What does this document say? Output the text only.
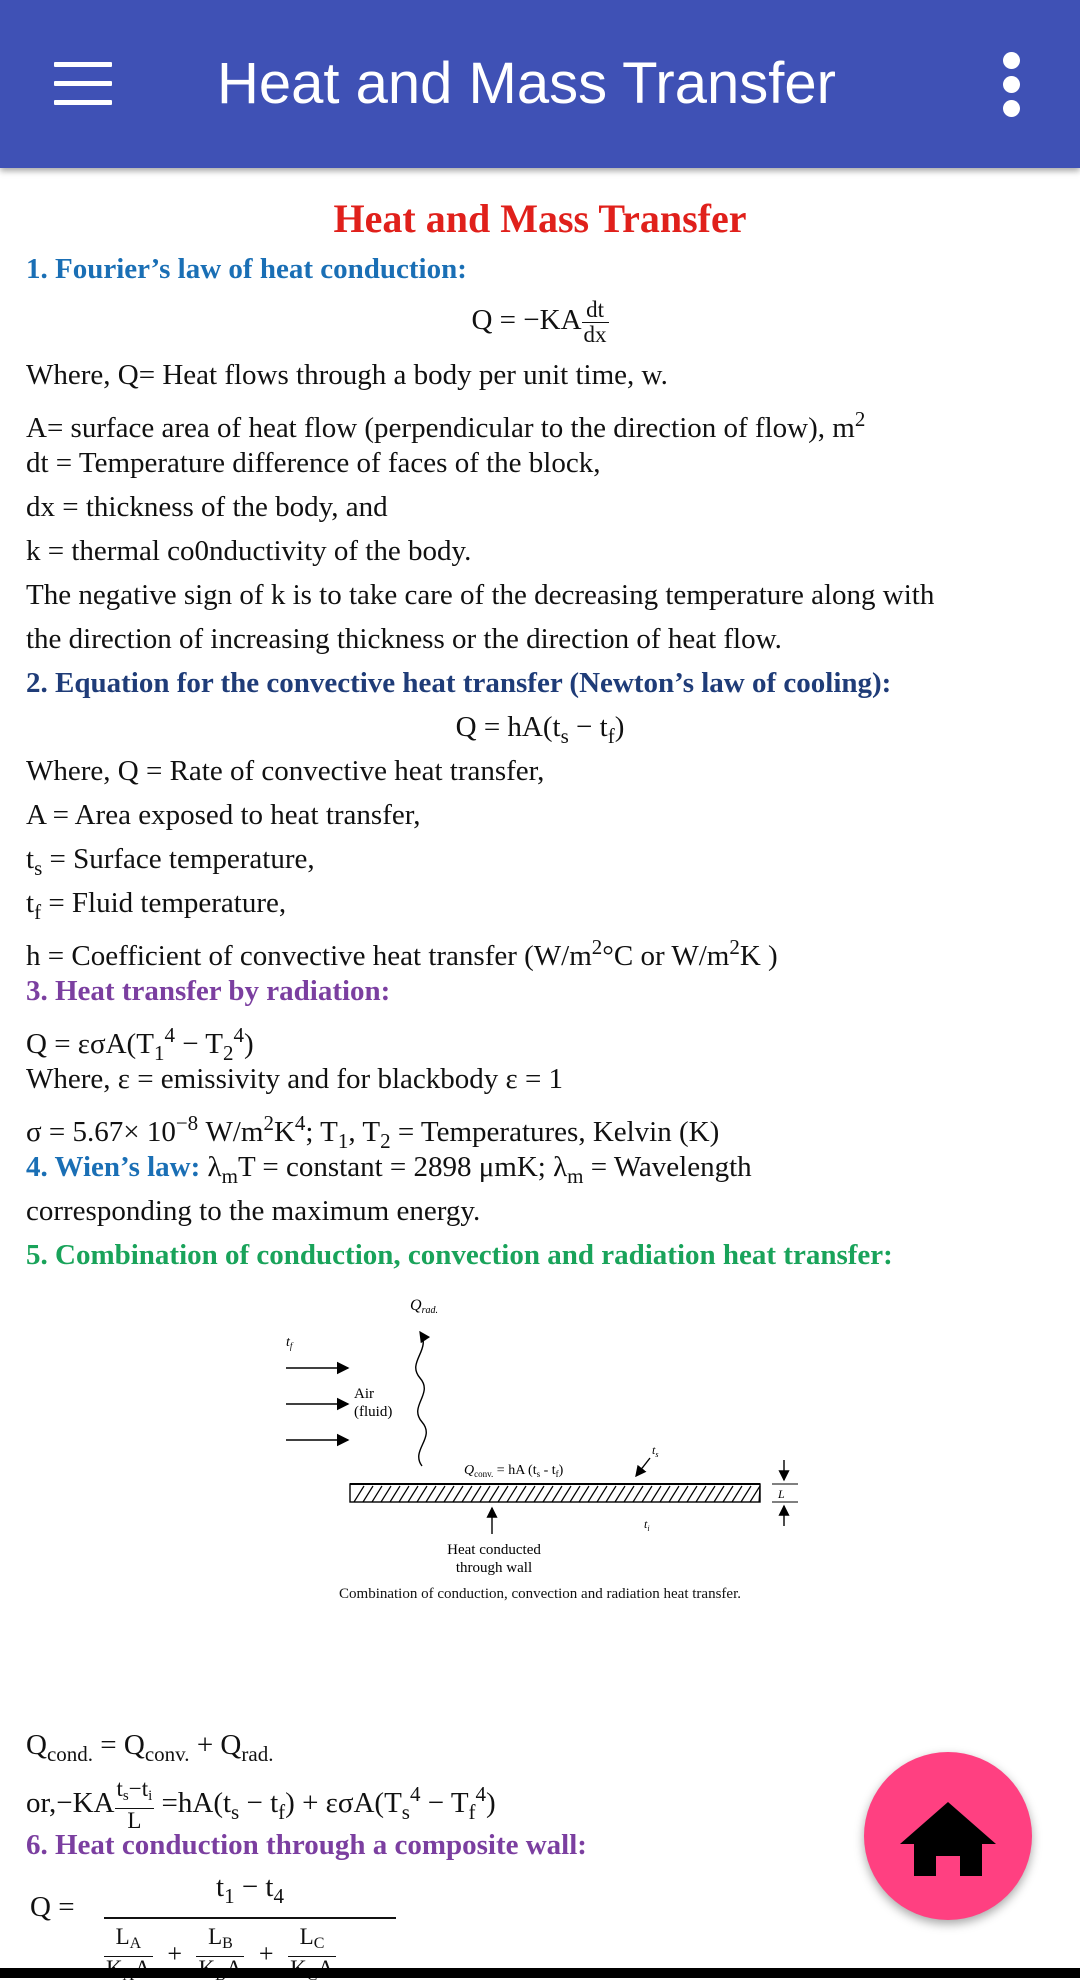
Heat and Mass Transfer
Heat and Mass Transfer
1. Fourier’s law of heat conduction:
$Q = -KA \frac{dt}{dx}$
Where, Q= Heat flows through a body per unit time, w.
A= surface area of heat flow (perpendicular to the direction of flow), $m^2$
dt = Temperature difference of faces of the block,
dx = thickness of the body, and
k = thermal co0nductivity of the body.
The negative sign of k is to take care of the decreasing temperature along with
the direction of increasing thickness or the direction of heat flow.
2. Equation for the convective heat transfer (Newton’s law of cooling):
$Q = hA(t_s - t_f)$
Where, Q = Rate of convective heat transfer,
A = Area exposed to heat transfer,
$t_s$ = Surface temperature,
$t_f$ = Fluid temperature,
h = Coefficient of convective heat transfer ($W/m^2^\circ C$ or $W/m^2K$ )
3. Heat transfer by radiation:
$Q = \varepsilon\sigma A(T_1^4 - T_2^4)$
Where, ε = emissivity and for blackbody ε = 1
$\sigma = 5.67\times 10^{-8}$ $W/m^2K^4$; $T_1$, $T_2$ = Temperatures, Kelvin (K)
4. Wien’s law: $\lambda_mT$ = constant = 2898 μmK; $\lambda_m$ = Wavelength
corresponding to the maximum energy.
5. Combination of conduction, convection and radiation heat transfer:
Qrad.
$t_f$
Air
(fluid)
$Q_{conv.}$ = hA $(t_s - t_f)$
$t_s$
L
$t_i$
Heat conducted
through wall
Combination of conduction, convection and radiation heat transfer.
$Q_{cond.} = Q_{conv.} + Q_{rad.}$
$or,-KA \frac{ts-ti}{L} =hA(t_s - t_f) + \varepsilon\sigma A(T_s^4 - T_f^4)$
6. Heat conduction through a composite wall:
Q =
$t_1 - t_4$
LA	+
LB	+
LC
